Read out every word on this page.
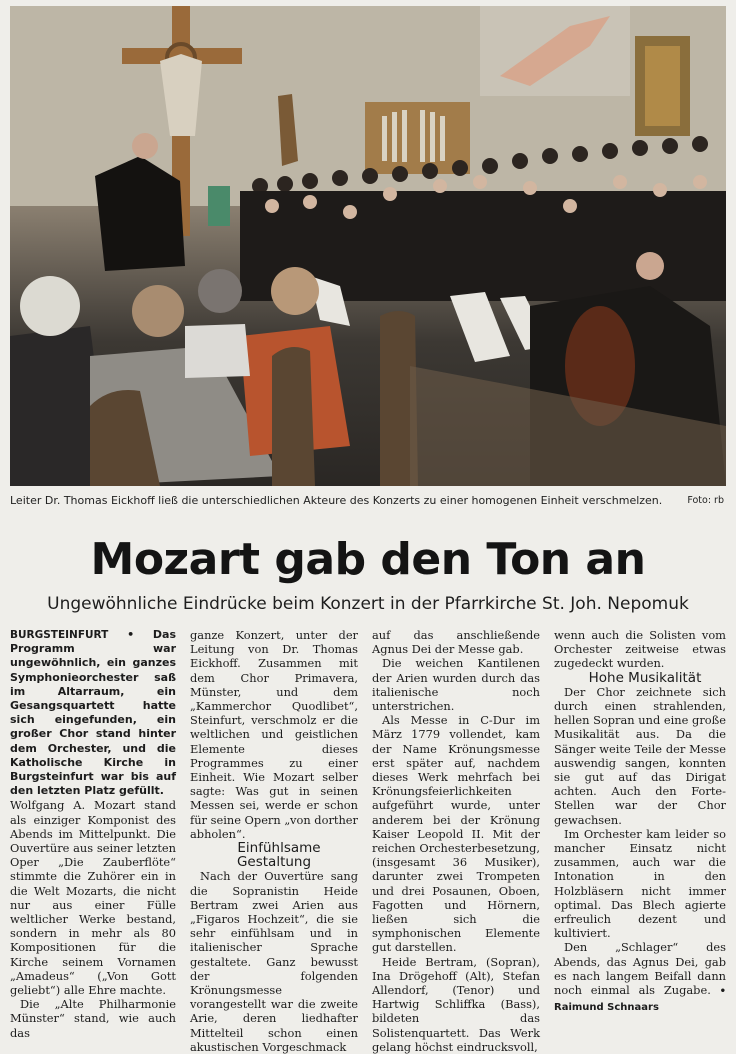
Leiter Dr. Thomas Eickhoff ließ die unterschiedlichen Akteure des Konzerts zu einer homogenen Einheit verschmelzen.	Foto: rb
Mozart gab den Ton an
Ungewöhnliche Eindrücke beim Konzert in der Pfarrkirche St. Joh. Nepomuk

BURGSTEINFURT • Das Programm war ungewöhnlich, ein ganzes Symphonieorchester saß im Altarraum, ein Gesangsquartett hatte sich eingefunden, ein großer Chor stand hinter dem Orchester, und die Katholische Kirche in Burgsteinfurt war bis auf den letzten Platz gefüllt.

Wolfgang A. Mozart stand als einziger Komponist des Abends im Mittelpunkt. Die Ouvertüre aus seiner letzten Oper „Die Zauberflöte“ stimmte die Zuhörer ein in die Welt Mozarts, die nicht nur aus einer Fülle weltlicher Werke bestand, sondern in mehr als 80 Kompositionen für die Kirche seinem Vornamen „Amadeus“ („Von Gott geliebt“) alle Ehre machte.

Die „Alte Philharmonie Münster“ stand, wie auch das

ganze Konzert, unter der Leitung von Dr. Thomas Eickhoff. Zusammen mit dem Chor Primavera, Münster, und dem „Kammerchor Quodlibet“, Steinfurt, verschmolz er die weltlichen und geistlichen Elemente dieses Programmes zu einer Einheit. Wie Mozart selber sagte: Was gut in seinen Messen sei, werde er schon für seine Opern „von dorther abholen“.

Einfühlsame Gestaltung

Nach der Ouvertüre sang die Sopranistin Heide Bertram zwei Arien aus „Figaros Hochzeit“, die sie sehr einfühlsam und in italienischer Sprache gestaltete. Ganz bewusst der folgenden Krönungsmesse vorangestellt war die zweite Arie, deren liedhafter Mittelteil schon einen akustischen Vorgeschmack

auf das anschließende Agnus Dei der Messe gab.

Die weichen Kantilenen der Arien wurden durch das italienische noch unterstrichen.

Als Messe in C-Dur im März 1779 vollendet, kam der Name Krönungsmesse erst später auf, nachdem dieses Werk mehrfach bei Krönungsfeierlichkeiten aufgeführt wurde, unter anderem bei der Krönung Kaiser Leopold II. Mit der reichen Orchesterbesetzung, (insgesamt 36 Musiker), darunter zwei Trompeten und drei Posaunen, Oboen, Fagotten und Hörnern, ließen sich die symphonischen Elemente gut darstellen.

Heide Bertram, (Sopran), Ina Drögehoff (Alt), Stefan Allendorf, (Tenor) und Hartwig Schliffka (Bass), bildeten das Solistenquartett. Das Werk gelang höchst eindrucksvoll,

wenn auch die Solisten vom Orchester zeitweise etwas zugedeckt wurden.

Hohe Musikalität

Der Chor zeichnete sich durch einen strahlenden, hellen Sopran und eine große Musikalität aus. Da die Sänger weite Teile der Messe auswendig sangen, konnten sie gut auf das Dirigat achten. Auch den Forte-Stellen war der Chor gewachsen.

Im Orchester kam leider so mancher Einsatz nicht zusammen, auch war die Intonation in den Holzbläsern nicht immer optimal. Das Blech agierte erfreulich dezent und kultiviert.

Den „Schlager“ des Abends, das Agnus Dei, gab es nach langem Beifall dann noch einmal als Zugabe. • Raimund Schnaars
